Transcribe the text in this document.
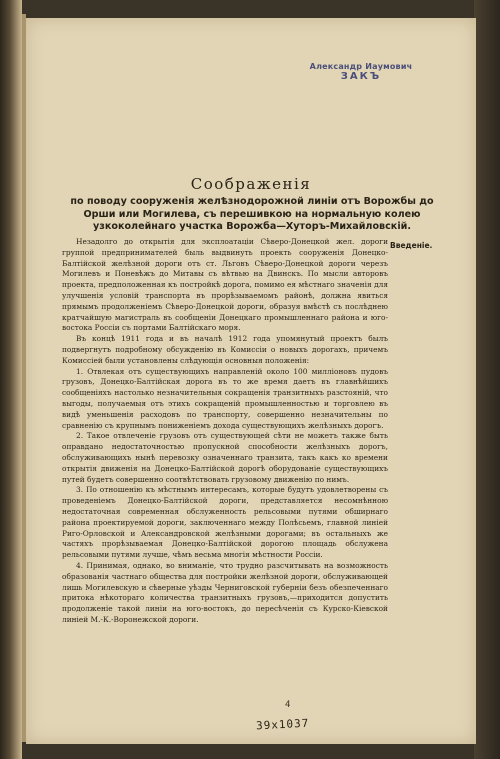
Александр Иаумович
ЗАКЪ
Соображенія
по поводу сооруженія желѣзнодорожной линіи отъ Ворожбы до Орши или Могилева, съ перешивкою на нормальную колею узкоколейнаго участка Ворожба—Хуторъ-Михайловскій.
Введеніе.

Незадолго до открытія для эксплоатаціи Сѣверо-Донецкой жел. дороги группой предпринимателей быль выдвинуть проекть сооруженія Донецко-Балтійской желѣзной дороги отъ ст. Льговъ Сѣверо-Донецкой дороги черезъ Могилевъ и Поневѣжъ до Митавы съ вѣтвью на Двинскъ. По мысли авторовъ проекта, предположенная къ постройкѣ дорога, помимо ея мѣстнаго значенія для улучшенія условій транспорта въ прорѣзываемомъ районѣ, должна явиться прямымъ продолженіемъ Сѣверо-Донецкой дороги, образуя вмѣстѣ съ послѣднею кратчайшую магистраль въ сообщеніи Донецкаго промышленнаго района и юго-востока Россіи съ портами Балтійскаго моря.

Въ концѣ 1911 года и въ началѣ 1912 года упомянутый проектъ былъ подвергнутъ подробному обсужденію въ Комиссіи о новыхъ дорогахъ, причемъ Комиссіей были установлены слѣдующія основныя положенія:

1. Отвлекая отъ существующихъ направленій около 100 милліоновъ пудовъ грузовъ, Донецко-Балтійская дорога въ то же время даетъ въ главнѣйшихъ сообщеніяхъ настолько незначительныя сокращенія транзитныхъ разстояній, что выгоды, получаемыя отъ этихъ сокращеній промышленностью и торговлею въ видѣ уменьшенія расходовъ по транспорту, совершенно незначительны по сравненію съ крупнымъ пониженіемъ дохода существующихъ желѣзныхъ дорогъ.

2. Такое отвлеченіе грузовъ отъ существующей сѣти не можетъ также быть оправдано недостаточностью пропускной способности желѣзныхъ дорогъ, обслуживающихъ нынѣ перевозку означеннаго транзита, такъ какъ ко времени открытія движенія на Донецко-Балтійской дорогѣ оборудованіе существующихъ путей будетъ совершенно соотвѣтствовать грузовому движенію по нимъ.

3. По отношенію къ мѣстнымъ интересамъ, которые будутъ удовлетворены съ проведеніемъ Донецко-Балтійской дороги, представляется несомнѣнною недостаточная современная обслуженность рельсовыми путями обширнаго района проектируемой дороги, заключеннаго между Полѣсьемъ, главной линіей Риго-Орловской и Александровской желѣзными дорогами; въ остальныхъ же частяхъ прорѣзываемая Донецко-Балтійской дорогою площадь обслужена рельсовыми путями лучше, чѣмъ весьма многія мѣстности Россіи.

4. Принимая, однако, во вниманіе, что трудно разсчитывать на возможность образованія частнаго общества для постройки желѣзной дороги, обслуживающей лишь Могилевскую и сѣверные уѣзды Черниговской губерніи безъ обезпеченнаго притока нѣкотораго количества транзитныхъ грузовъ,—приходится допустить продолженіе такой линіи на юго-востокъ, до пересѣченія съ Курско-Кіевской линіей М.-К.-Воронежской дороги.

4
39х1037
